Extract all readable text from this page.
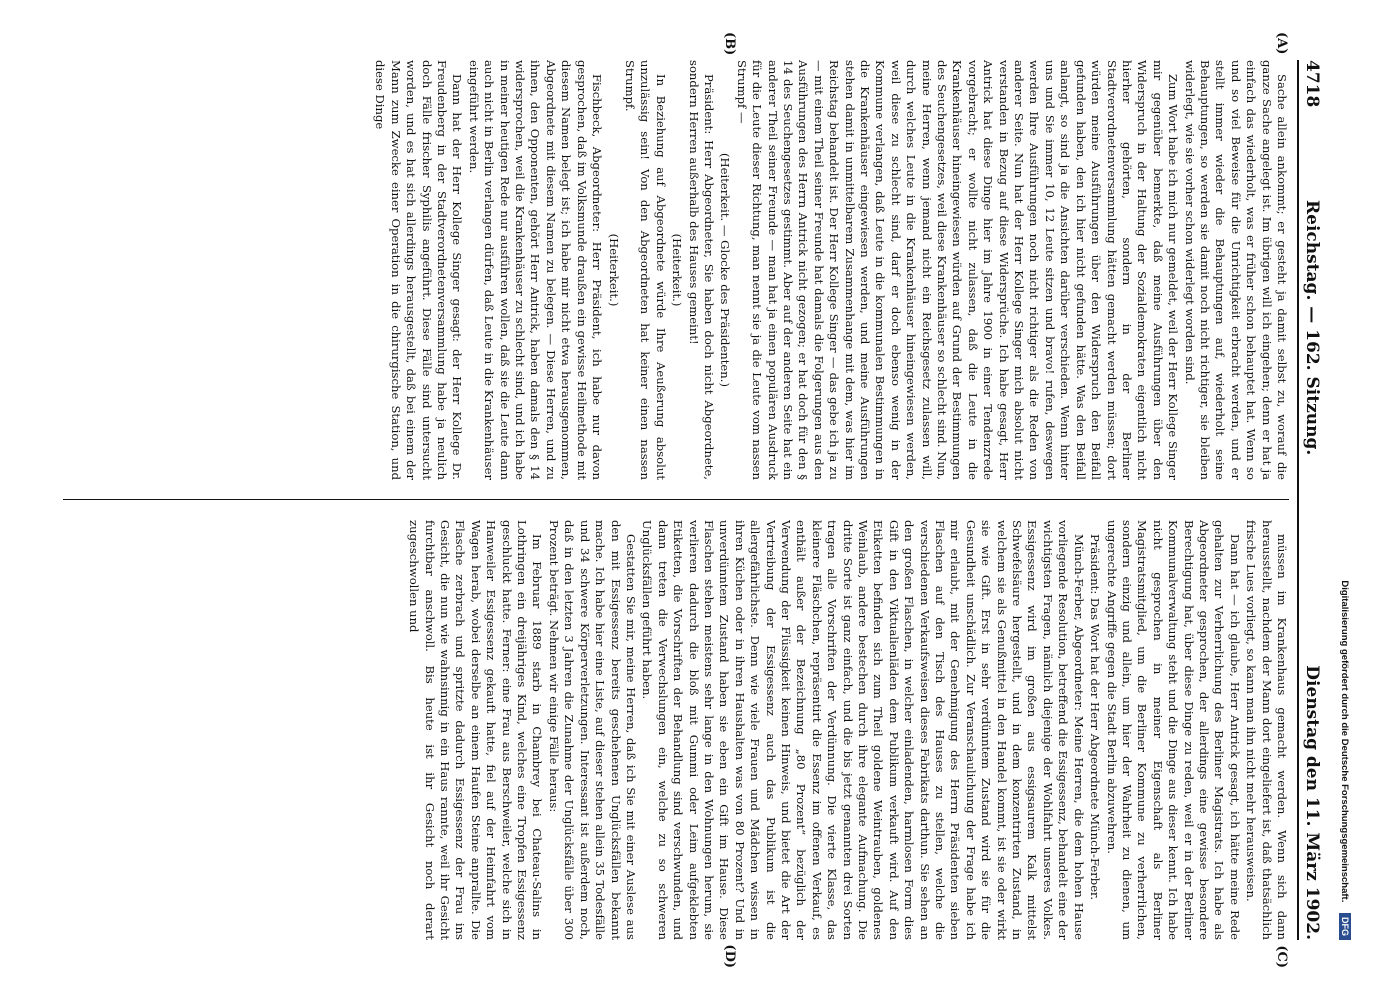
4718
Reichstag. — 162. Sitzung.
Dienstag den 11. März 1902.
(A)
(B)
(C)
(D)

Sache allein ankommt; er gesteht ja damit selbst zu, worauf die ganze Sache angelegt ist. Im übrigen will ich eingehen; denn er hat ja einfach das wiederholt, was er früher schon behauptet hat. Wenn so und so viel Beweise für die Unrichtigkeit erbracht werden, und er stellt immer wieder die Behauptungen auf, wiederholt seine Behauptungen, so werden sie damit noch nicht richtiger, sie bleiben widerlegt, wie sie vorher schon widerlegt worden sind.

Zum Wort habe ich mich nur gemeldet, weil der Herr Kollege Singer mir gegenüber bemerkte, daß meine Ausführungen über den Widerspruch in der Haltung der Sozialdemokraten eigentlich nicht hierher gehörten, sondern in der Berliner Stadtverordnetenversammlung hätten gemacht werden müssen; dort würden meine Ausführungen über den Widerspruch den Beifall gefunden haben, den ich hier nicht gefunden hätte. Was den Beifall anlangt, so sind ja die Ansichten darüber verschieden. Wenn hinter uns und Sie immer 10, 12 Leute sitzen und bravo! rufen, deswegen werden Ihre Ausführungen noch nicht richtiger als die Reden von anderer Seite. Nun hat der Herr Kollege Singer mich absolut nicht verstanden in Bezug auf diese Widersprüche. Ich habe gesagt, Herr Antrick hat diese Dinge hier im Jahre 1900 in einer Tendenzrede vorgebracht; er wollte nicht zulassen, daß die Leute in die Krankenhäuser hineingewiesen würden auf Grund der Bestimmungen des Seuchengesetzes, weil diese Krankenhäuser so schlecht sind. Nun, meine Herren, wenn jemand nicht ein Reichsgesetz zulassen will, durch welches Leute in die Krankenhäuser hineingewiesen werden, weil diese zu schlecht sind, darf er doch ebenso wenig in der Kommune verlangen, daß Leute in die kommunalen Bestimmungen in die Krankenhäuser eingewiesen werden, und meine Ausführungen stehen damit in unmittelbarem Zusammenhange mit dem, was hier im Reichstag behandelt ist. Der Herr Kollege Singer — das gebe ich ja zu — mit einem Theil seiner Freunde hat damals die Folgerungen aus den Ausführungen des Herrn Antrick nicht gezogen; er hat doch für den § 14 des Seuchengesetzes gestimmt. Aber auf der anderen Seite hat ein anderer Theil seiner Freunde — man hat ja einen populären Ausdruck für die Leute dieser Richtung, man nennt sie ja die Leute vom nassen Strumpf —

(Heiterkeit. — Glocke des Präsidenten.)

Präsident: Herr Abgeordneter, Sie haben doch nicht Abgeordnete, sondern Herren außerhalb des Hauses gemeint!

(Heiterkeit.)

In Beziehung auf Abgeordnete würde Ihre Aeußerung absolut unzulässig sein! Von den Abgeordneten hat keiner einen nassen Strumpf.

(Heiterkeit.)

Fischbeck, Abgeordneter: Herr Präsident, ich habe nur davon gesprochen, daß im Volksmunde draußen ein gewisse Heilmethode mit diesem Namen belegt ist; ich habe mir nicht etwa herausgenommen, Abgeordnete mit diesem Namen zu belegen. — Diese Herren, und zu ihnen, den Opponenten, gehört Herr Antrick, haben damals den § 14 widersprochen, weil die Krankenhäuser zu schlecht sind, und ich habe in meiner heutigen Rede nur ausführen wollen, daß sie die Leute dann auch nicht in Berlin verlangen dürfen, daß Leute in die Krankenhäuser eingeführt werden.

Dann hat der Herr Kollege Singer gesagt: der Herr Kollege Dr. Freudenberg in der Stadtverordnetenversammlung habe ja neulich doch Fälle frischer Syphilis angeführt. Diese Fälle sind untersucht worden, und es hat sich allerdings herausgestellt, daß bei einem der Mann zum Zwecke einer Operation in die chirurgische Station, und diese Dinge

müssen im Krankenhaus gemacht werden. Wenn sich dann herausstellt, nachdem der Mann dort eingeliefert ist, daß thatsächlich frische Lues vorliegt, so kann man ihn nicht mehr herausweisen.

Dann hat — ich glaube, Herr Antrick gesagt, ich hätte meine Rede gehalten zur Verherrlichung des Berliner Magistrats. Ich habe als Abgeordneter gesprochen, der allerdings eine gewisse besondere Berechtigung hat, über diese Dinge zu reden, weil er in der Berliner Kommunalverwaltung steht und die Dinge aus dieser kennt. Ich habe nicht gesprochen in meiner Eigenschaft als Berliner Magistratsmitglied, um die Berliner Kommune zu verherrlichen, sondern einzig und allein, um hier der Wahrheit zu dienen, um ungerechte Angriffe gegen die Stadt Berlin abzuwehren.

Präsident: Das Wort hat der Herr Abgeordnete Münch-Ferber.

Münch-Ferber, Abgeordneter: Meine Herren, die dem hohen Hause vorliegende Resolution, betreffend die Essigessenz, behandelt eine der wichtigsten Fragen, nämlich diejenige der Wohlfahrt unseres Volkes. Essigessenz wird im großen aus essigsaurem Kalk mittelst Schwefelsäure hergestellt, und in dem konzentrirten Zustand, in welchem sie als Genußmittel in den Handel kommt, ist sie oder wirkt sie wie Gift. Erst in sehr verdünntem Zustand wird sie für die Gesundheit unschädlich. Zur Veranschaulichung der Frage habe ich mir erlaubt, mit der Genehmigung des Herrn Präsidenten sieben Flaschen auf den Tisch des Hauses zu stellen, welche die verschiedenen Verkaufsweisen dieses Fabrikats darthun. Sie sehen an den großen Flaschen, in welcher einladenden, harmlosen Form dies Gift in den Viktualienläden dem Publikum verkauft wird. Auf den Etiketten befinden sich zum Theil goldene Weintrauben, goldenes Weinlaub, andere bestechen durch ihre elegante Aufmachung. Die dritte Sorte ist ganz einfach, und die bis jetzt genannten drei Sorten tragen alle Vorschriften der Verdünnung. Die vierte Klasse, das kleinere Fläschchen, repräsentirt die Essenz im offenen Verkauf, es enthält außer der Bezeichnung „80 Prozent“ bezüglich der Verwendung der Flüssigkeit keinen Hinweis, und bietet die Art der Vertreibung der Essigessenz auch das Publikum ist die allergefährlichste. Denn wie viele Frauen und Mädchen wissen in ihren Küchen oder in ihren Haushalten was von 80 Prozent? Und in unverdünntem Zustand haben sie eben ein Gift im Hause. Diese Flaschen stehen meistens sehr lange in den Wohnungen herum, sie verlieren dadurch die bloß mit Gummi oder Leim aufgeklebten Etiketten, die Vorschriften der Behandlung sind verschwunden, und dann treten die Verwechslungen ein, welche zu so schweren Unglücksfällen geführt haben.

Gestatten Sie mir, meine Herren, daß ich Sie mit einer Auslese aus den mit Essigessenz bereits geschehenen Unglücksfällen bekannt mache. Ich habe hier eine Liste, auf dieser stehen allein 35 Todesfälle und 34 schwere Körperverletzungen. Interessant ist außerdem noch, daß in den letzten 3 Jahren die Zunahme der Unglücksfälle über 300 Prozent beträgt. Nehmen wir einige Fälle heraus:

Im Februar 1889 starb in Chambrey bei Chateau-Salins in Lothringen ein dreijähriges Kind, welches eine Tropfen Essigessenz geschluckt hatte. Ferner: eine Frau aus Berschweiler, welche sich in Hanweiler Essigessenz gekauft hatte, fiel auf der Heimfahrt vom Wagen herab, wobei derselbe an einem Haufen Steine anprallte. Die Flasche zerbrach und spritzte dadurch Essigessenz der Frau ins Gesicht, die nun wie wahnsinnig in ein Haus rannte, weil ihr Gesicht furchtbar anschwoll. Bis heute ist ihr Gesicht noch derart zugeschwollen und

Digitalisierung gefördert durch die Deutsche Forschungsgemeinschaft. DFG
